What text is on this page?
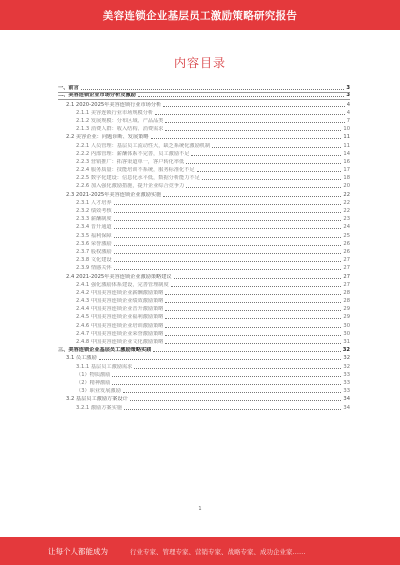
美容连锁企业基层员工激励策略研究报告
内容目录
一、前言	3
二、美容连锁企业市场分析及激励	3
2.1 2020-2025年美容连锁行业市场分析	4
2.1.1 美容连锁行业市场规模分析	4
2.1.2 发展规模：分布区域、产品品类	7
2.1.3 消费人群：收入结构、消费需求	10
2.2 美容企业：问题诊断、发展策略	11
2.2.1 人员管理：基层员工流动性大，缺乏系统化激励机制	11
2.2.2 内部管理：薪酬体系不完善，员工激励不足	14
2.2.3 营销推广：拓客渠道单一，客户转化率低	16
2.2.4 服务质量：技能培训不系统，服务标准化不足	17
2.2.5 数字化建设：信息化水平低，数据分析能力不足	18
2.2.6 加入强化激励措施，提升企业综合竞争力	20
2.3 2021-2025年美容连锁企业激励实施	22
2.3.1 人才培养	22
2.3.2 绩效考核	22
2.3.3 薪酬制度	23
2.3.4 晋升通道	24
2.3.5 福利保障	25
2.3.6 荣誉激励	26
2.3.7 股权激励	26
2.3.8 文化建设	27
2.3.9 情感关怀	27
2.4 2021-2025年美容连锁企业激励策略建议	27
2.4.1 强化激励体系建设，完善管理制度	27
2.4.2 中国美容连锁企业薪酬激励策略	28
2.4.3 中国美容连锁企业绩效激励策略	28
2.4.4 中国美容连锁企业晋升激励策略	29
2.4.5 中国美容连锁企业福利激励策略	29
2.4.6 中国美容连锁企业培训激励策略	30
2.4.7 中国美容连锁企业荣誉激励策略	30
2.4.8 中国美容连锁企业文化激励策略	31
三、美容连锁企业基层员工激励策略实践	32
3.1 员工激励	32
3.1.1 基层员工激励需求	32
（1）物质激励	33
（2）精神激励	33
（3）职业发展激励	33
3.2 基层员工激励方案设计	34
3.2.1 激励方案实施	34
1
让每个人都能成为	行业专家、管理专家、营销专家、战略专家、成功企业家……
